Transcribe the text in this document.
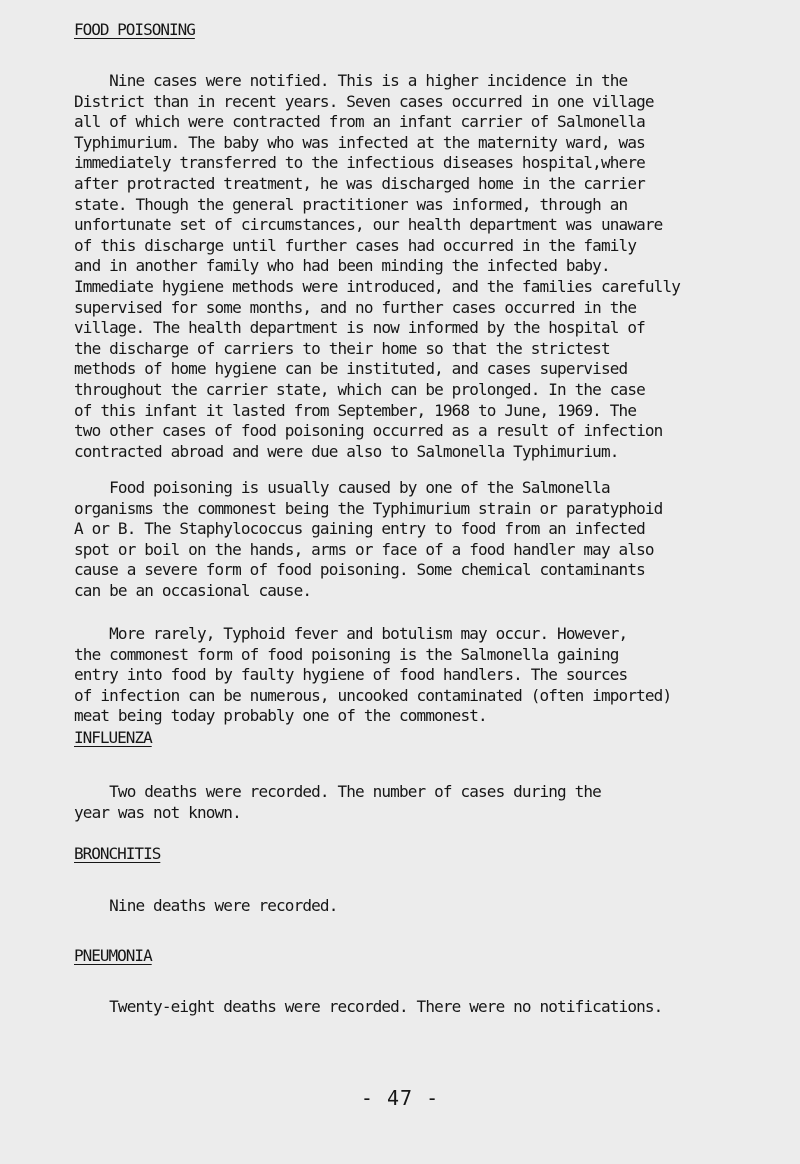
FOOD POISONING

Nine cases were notified. This is a higher incidence in the
District than in recent years. Seven cases occurred in one village
all of which were contracted from an infant carrier of Salmonella
Typhimurium. The baby who was infected at the maternity ward, was
immediately transferred to the infectious diseases hospital,where
after protracted treatment, he was discharged home in the carrier
state. Though the general practitioner was informed, through an
unfortunate set of circumstances, our health department was unaware
of this discharge until further cases had occurred in the family
and in another family who had been minding the infected baby.
Immediate hygiene methods were introduced, and the families carefully
supervised for some months, and no further cases occurred in the
village. The health department is now informed by the hospital of
the discharge of carriers to their home so that the strictest
methods of home hygiene can be instituted, and cases supervised
throughout the carrier state, which can be prolonged. In the case
of this infant it lasted from September, 1968 to June, 1969. The
two other cases of food poisoning occurred as a result of infection
contracted abroad and were due also to Salmonella Typhimurium.

Food poisoning is usually caused by one of the Salmonella
organisms the commonest being the Typhimurium strain or paratyphoid
A or B. The Staphylococcus gaining entry to food from an infected
spot or boil on the hands, arms or face of a food handler may also
cause a severe form of food poisoning. Some chemical contaminants
can be an occasional cause.

More rarely, Typhoid fever and botulism may occur. However,
the commonest form of food poisoning is the Salmonella gaining
entry into food by faulty hygiene of food handlers. The sources
of infection can be numerous, uncooked contaminated (often imported)
meat being today probably one of the commonest.

INFLUENZA

Two deaths were recorded. The number of cases during the
year was not known.

BRONCHITIS

Nine deaths were recorded.

PNEUMONIA

Twenty-eight deaths were recorded. There were no notifications.

- 47 -
